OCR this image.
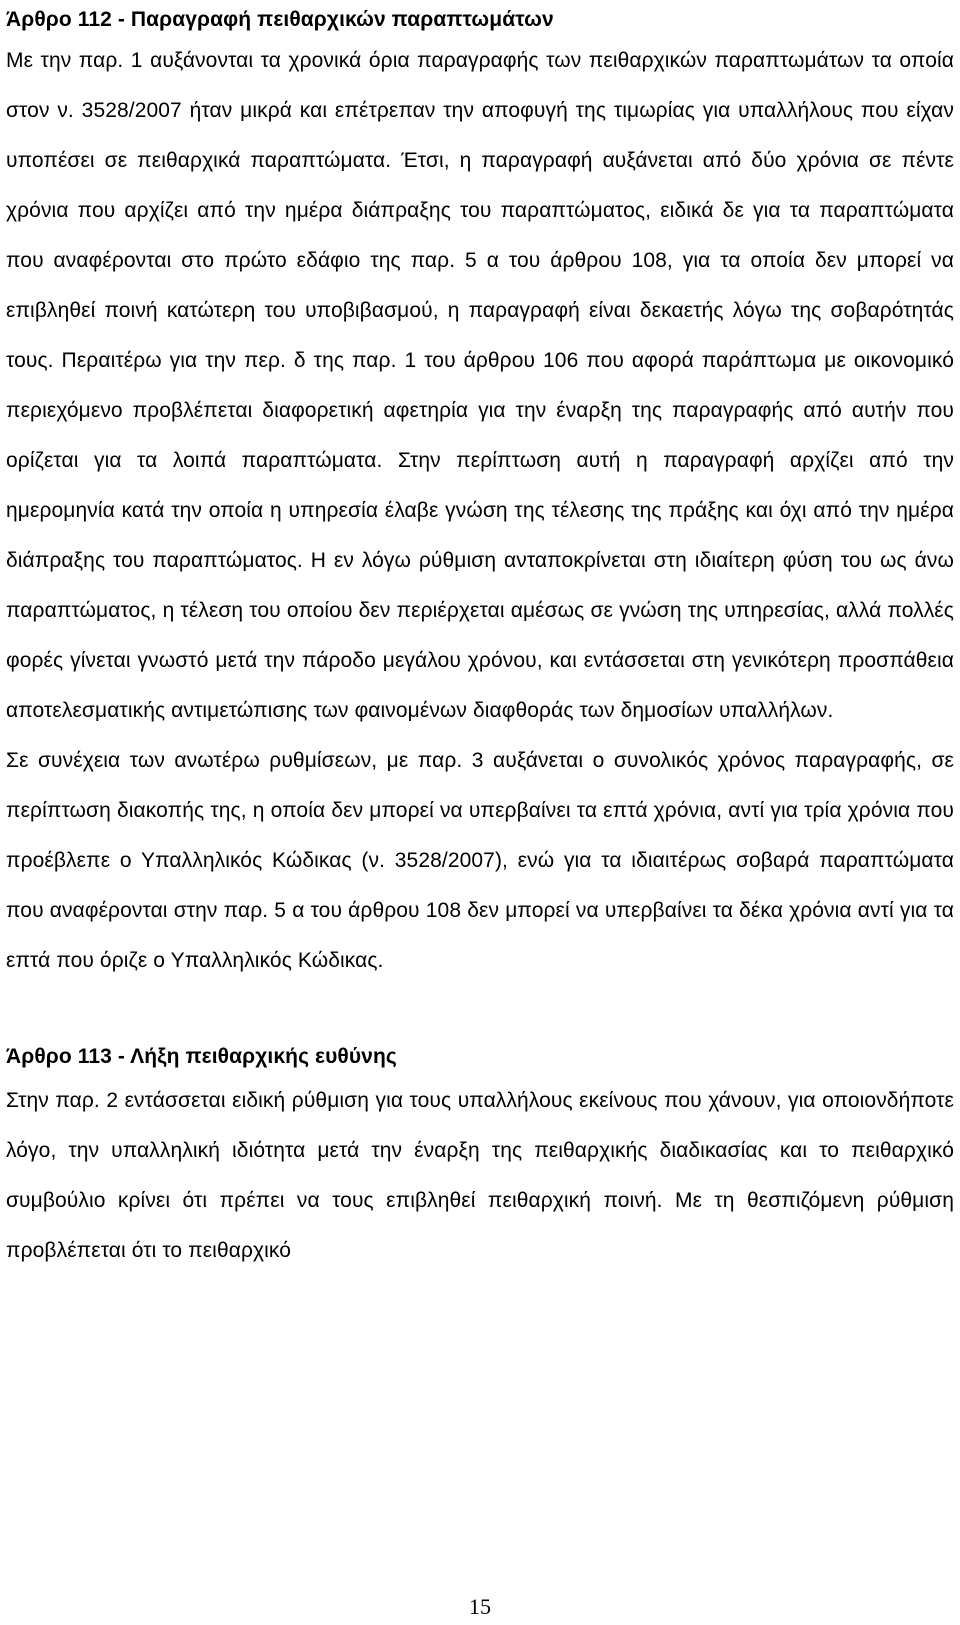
Άρθρο 112 - Παραγραφή πειθαρχικών παραπτωμάτων

Με την παρ. 1 αυξάνονται τα χρονικά όρια παραγραφής των πειθαρχικών παραπτωμάτων τα οποία στον ν. 3528/2007 ήταν μικρά και επέτρεπαν την αποφυγή της τιμωρίας για υπαλλήλους που είχαν υποπέσει σε πειθαρχικά παραπτώματα. Έτσι, η παραγραφή αυξάνεται από δύο χρόνια σε πέντε χρόνια που αρχίζει από την ημέρα διάπραξης του παραπτώματος, ειδικά δε για τα παραπτώματα που αναφέρονται στο πρώτο εδάφιο της παρ. 5 α του άρθρου 108, για τα οποία δεν μπορεί να επιβληθεί ποινή κατώτερη του υποβιβασμού, η παραγραφή είναι δεκαετής λόγω της σοβαρότητάς τους. Περαιτέρω για την περ. δ της παρ. 1 του άρθρου 106 που αφορά παράπτωμα με οικονομικό περιεχόμενο προβλέπεται διαφορετική αφετηρία για την έναρξη της παραγραφής από αυτήν που ορίζεται για τα λοιπά παραπτώματα. Στην περίπτωση αυτή η παραγραφή αρχίζει από την ημερομηνία κατά την οποία η υπηρεσία έλαβε γνώση της τέλεσης της πράξης και όχι από την ημέρα διάπραξης του παραπτώματος. Η εν λόγω ρύθμιση ανταποκρίνεται στη ιδιαίτερη φύση του ως άνω παραπτώματος, η τέλεση του οποίου δεν περιέρχεται αμέσως σε γνώση της υπηρεσίας, αλλά πολλές φορές γίνεται γνωστό μετά την πάροδο μεγάλου χρόνου, και εντάσσεται στη γενικότερη προσπάθεια αποτελεσματικής αντιμετώπισης των φαινομένων διαφθοράς των δημοσίων υπαλλήλων.

Σε συνέχεια των ανωτέρω ρυθμίσεων, με παρ. 3 αυξάνεται ο συνολικός χρόνος παραγραφής, σε περίπτωση διακοπής της, η οποία δεν μπορεί να υπερβαίνει τα επτά χρόνια, αντί για τρία χρόνια που προέβλεπε ο Υπαλληλικός Κώδικας (ν. 3528/2007), ενώ για τα ιδιαιτέρως σοβαρά παραπτώματα που αναφέρονται στην παρ. 5 α του άρθρου 108 δεν μπορεί να υπερβαίνει τα δέκα χρόνια αντί για τα επτά που όριζε ο Υπαλληλικός Κώδικας.

Άρθρο 113 - Λήξη πειθαρχικής ευθύνης

Στην παρ. 2 εντάσσεται ειδική ρύθμιση για τους υπαλλήλους εκείνους που χάνουν, για οποιονδήποτε λόγο, την υπαλληλική ιδιότητα μετά την έναρξη της πειθαρχικής διαδικασίας και το πειθαρχικό συμβούλιο κρίνει ότι πρέπει να τους επιβληθεί πειθαρχική ποινή. Με τη θεσπιζόμενη ρύθμιση προβλέπεται ότι το πειθαρχικό

15
